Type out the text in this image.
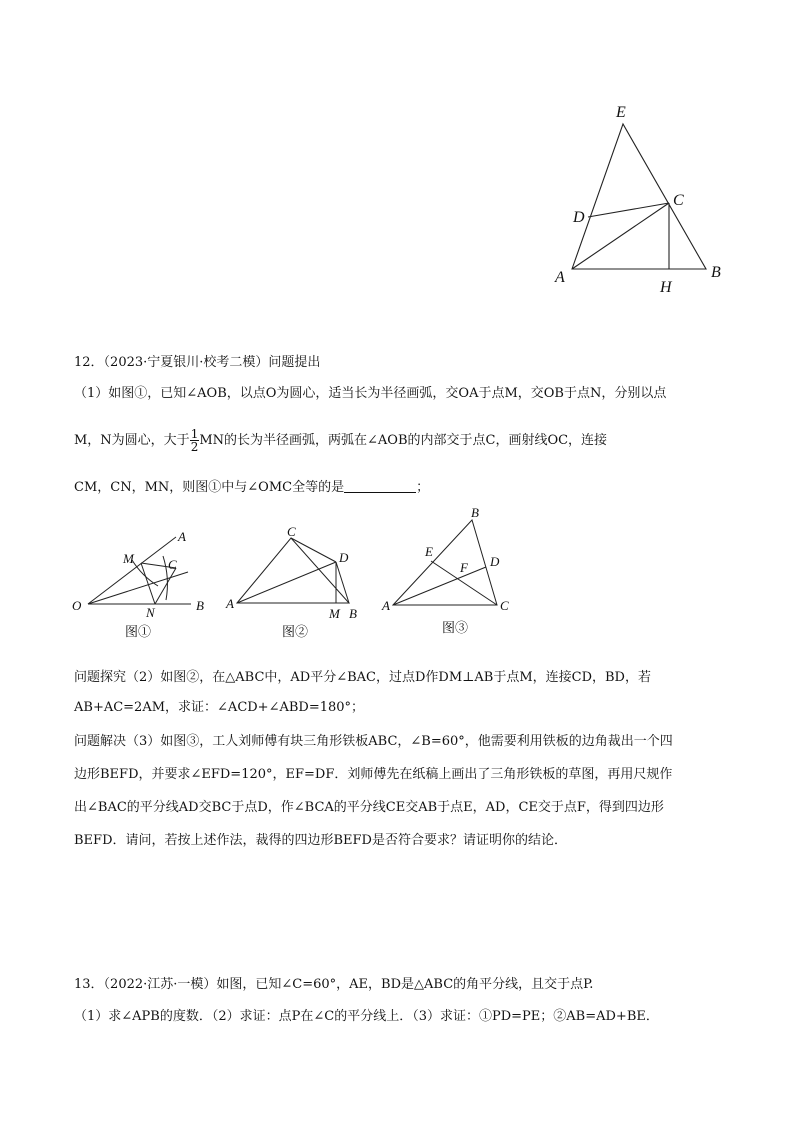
E
D
C
A
H
B
12．（2023·宁夏银川·校考二模）问题提出
（1）如图①，已知∠AOB，以点O为圆心，适当长为半径画弧，交OA于点M，交OB于点N，分别以点
M，N为圆心，大于 $\frac{1}{2}$ MN的长为半径画弧，两弧在∠AOB的内部交于点C，画射线OC，连接
CM，CN，MN，则图①中与∠OMC全等的是	；
A
M	C
O	N	B
图①
C
D
A
M B
图②
B
E
D
F
A	C
图③
问题探究（2）如图②，在△ABC中，AD平分∠BAC，过点D作DM⊥AB于点M，连接CD，BD，若
AB+AC=2AM，求证：∠ACD+∠ABD=180°；
问题解决（3）如图③，工人刘师傅有块三角形铁板ABC，∠B=60°，他需要利用铁板的边角裁出一个四
边形BEFD，并要求∠EFD=120°，EF=DF．刘师傅先在纸稿上画出了三角形铁板的草图，再用尺规作
出∠BAC的平分线AD交BC于点D，作∠BCA的平分线CE交AB于点E，AD，CE交于点F，得到四边形
BEFD．请问，若按上述作法，裁得的四边形BEFD是否符合要求？请证明你的结论．
13．（2022·江苏·一模）如图，已知∠C=60°，AE，BD是△ABC的角平分线，且交于点P.
（1）求∠APB的度数．（2）求证：点P在∠C的平分线上．（3）求证：①PD=PE；②AB=AD+BE．
